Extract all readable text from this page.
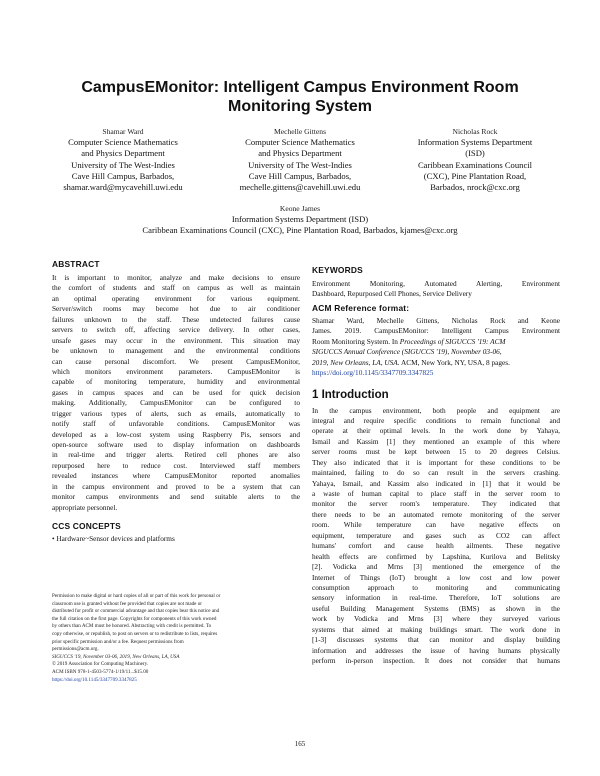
CampusEMonitor: Intelligent Campus Environment Room
Monitoring System
Shamar Ward
Computer Science Mathematics
and Physics Department
University of The West-Indies
Cave Hill Campus, Barbados,
shamar.ward@mycavehill.uwi.edu
Mechelle Gittens
Computer Science Mathematics
and Physics Department
University of The West-Indies
Cave Hill Campus, Barbados,
mechelle.gittens@cavehill.uwi.edu
Nicholas Rock
Information Systems Department
(ISD)
Caribbean Examinations Council
(CXC), Pine Plantation Road,
Barbados, nrock@cxc.org
Keone James
Information Systems Department (ISD)
Caribbean Examinations Council (CXC), Pine Plantation Road, Barbados, kjames@cxc.org
ABSTRACT
It is important to monitor, analyze and make decisions to ensure
the comfort of students and staff on campus as well as maintain
an optimal operating environment for various equipment.
Server/switch rooms may become hot due to air conditioner
failures unknown to the staff. These undetected failures cause
servers to switch off, affecting service delivery. In other cases,
unsafe gases may occur in the environment. This situation may
be unknown to management and the environmental conditions
can cause personal discomfort. We present CampusEMonitor,
which monitors environment parameters. CampusEMonitor is
capable of monitoring temperature, humidity and environmental
gases in campus spaces and can be used for quick decision
making. Additionally, CampusEMonitor can be configured to
trigger various types of alerts, such as emails, automatically to
notify staff of unfavorable conditions. CampusEMonitor was
developed as a low-cost system using Raspberry Pis, sensors and
open-source software used to display information on dashboards
in real-time and trigger alerts. Retired cell phones are also
repurposed here to reduce cost. Interviewed staff members
revealed instances where CampusEMonitor reported anomalies
in the campus environment and proved to be a system that can
monitor campus environments and send suitable alerts to the
appropriate personnel.
CCS CONCEPTS
• Hardware~Sensor devices and platforms
Permission to make digital or hard copies of all or part of this work for personal or
classroom use is granted without fee provided that copies are not made or
distributed for profit or commercial advantage and that copies bear this notice and
the full citation on the first page. Copyrights for components of this work owned
by others than ACM must be honored. Abstracting with credit is permitted. To
copy otherwise, or republish, to post on servers or to redistribute to lists, requires
prior specific permission and/or a fee. Request permissions from
permissions@acm.org.
SIGUCCS '19, November 03-06, 2019, New Orleans, LA, USA
© 2019 Association for Computing Machinery.
ACM ISBN 978-1-4503-5774-1/19/11...$15.00
https://doi.org/10.1145/3347709.3347825
KEYWORDS
Environment Monitoring, Automated Alerting, Environment
Dashboard, Repurposed Cell Phones, Service Delivery
ACM Reference format:
Shamar Ward, Mechelle Gittens, Nicholas Rock and Keone
James. 2019. CampusEMonitor: Intelligent Campus Environment
Room Monitoring System. In Proceedings of SIGUCCS '19: ACM
SIGUCCS Annual Conference (SIGUCCS '19), November 03-06,
2019, New Orleans, LA, USA. ACM, New York, NY, USA, 8 pages.
https://doi.org/10.1145/3347709.3347825
1 Introduction
In the campus environment, both people and equipment are
integral and require specific conditions to remain functional and
operate at their optimal levels. In the work done by Yahaya,
Ismail and Kassim [1] they mentioned an example of this where
server rooms must be kept between 15 to 20 degrees Celsius.
They also indicated that it is important for these conditions to be
maintained, failing to do so can result in the servers crashing.
Yahaya, Ismail, and Kassim also indicated in [1] that it would be
a waste of human capital to place staff in the server room to
monitor the server room's temperature. They indicated that
there needs to be an automated remote monitoring of the server
room. While temperature can have negative effects on
equipment, temperature and gases such as CO2 can affect
humans' comfort and cause health ailments. These negative
health effects are confirmed by Lapshina, Kurilova and Belitsky
[2]. Vodicka and Mrns [3] mentioned the emergence of the
Internet of Things (IoT) brought a low cost and low power
consumption approach to monitoring and communicating
sensory information in real-time. Therefore, IoT solutions are
useful Building Management Systems (BMS) as shown in the
work by Vodicka and Mrns [3] where they surveyed various
systems that aimed at making buildings smart. The work done in
[1-3] discusses systems that can monitor and display building
information and addresses the issue of having humans physically
perform in-person inspection. It does not consider that humans
165
